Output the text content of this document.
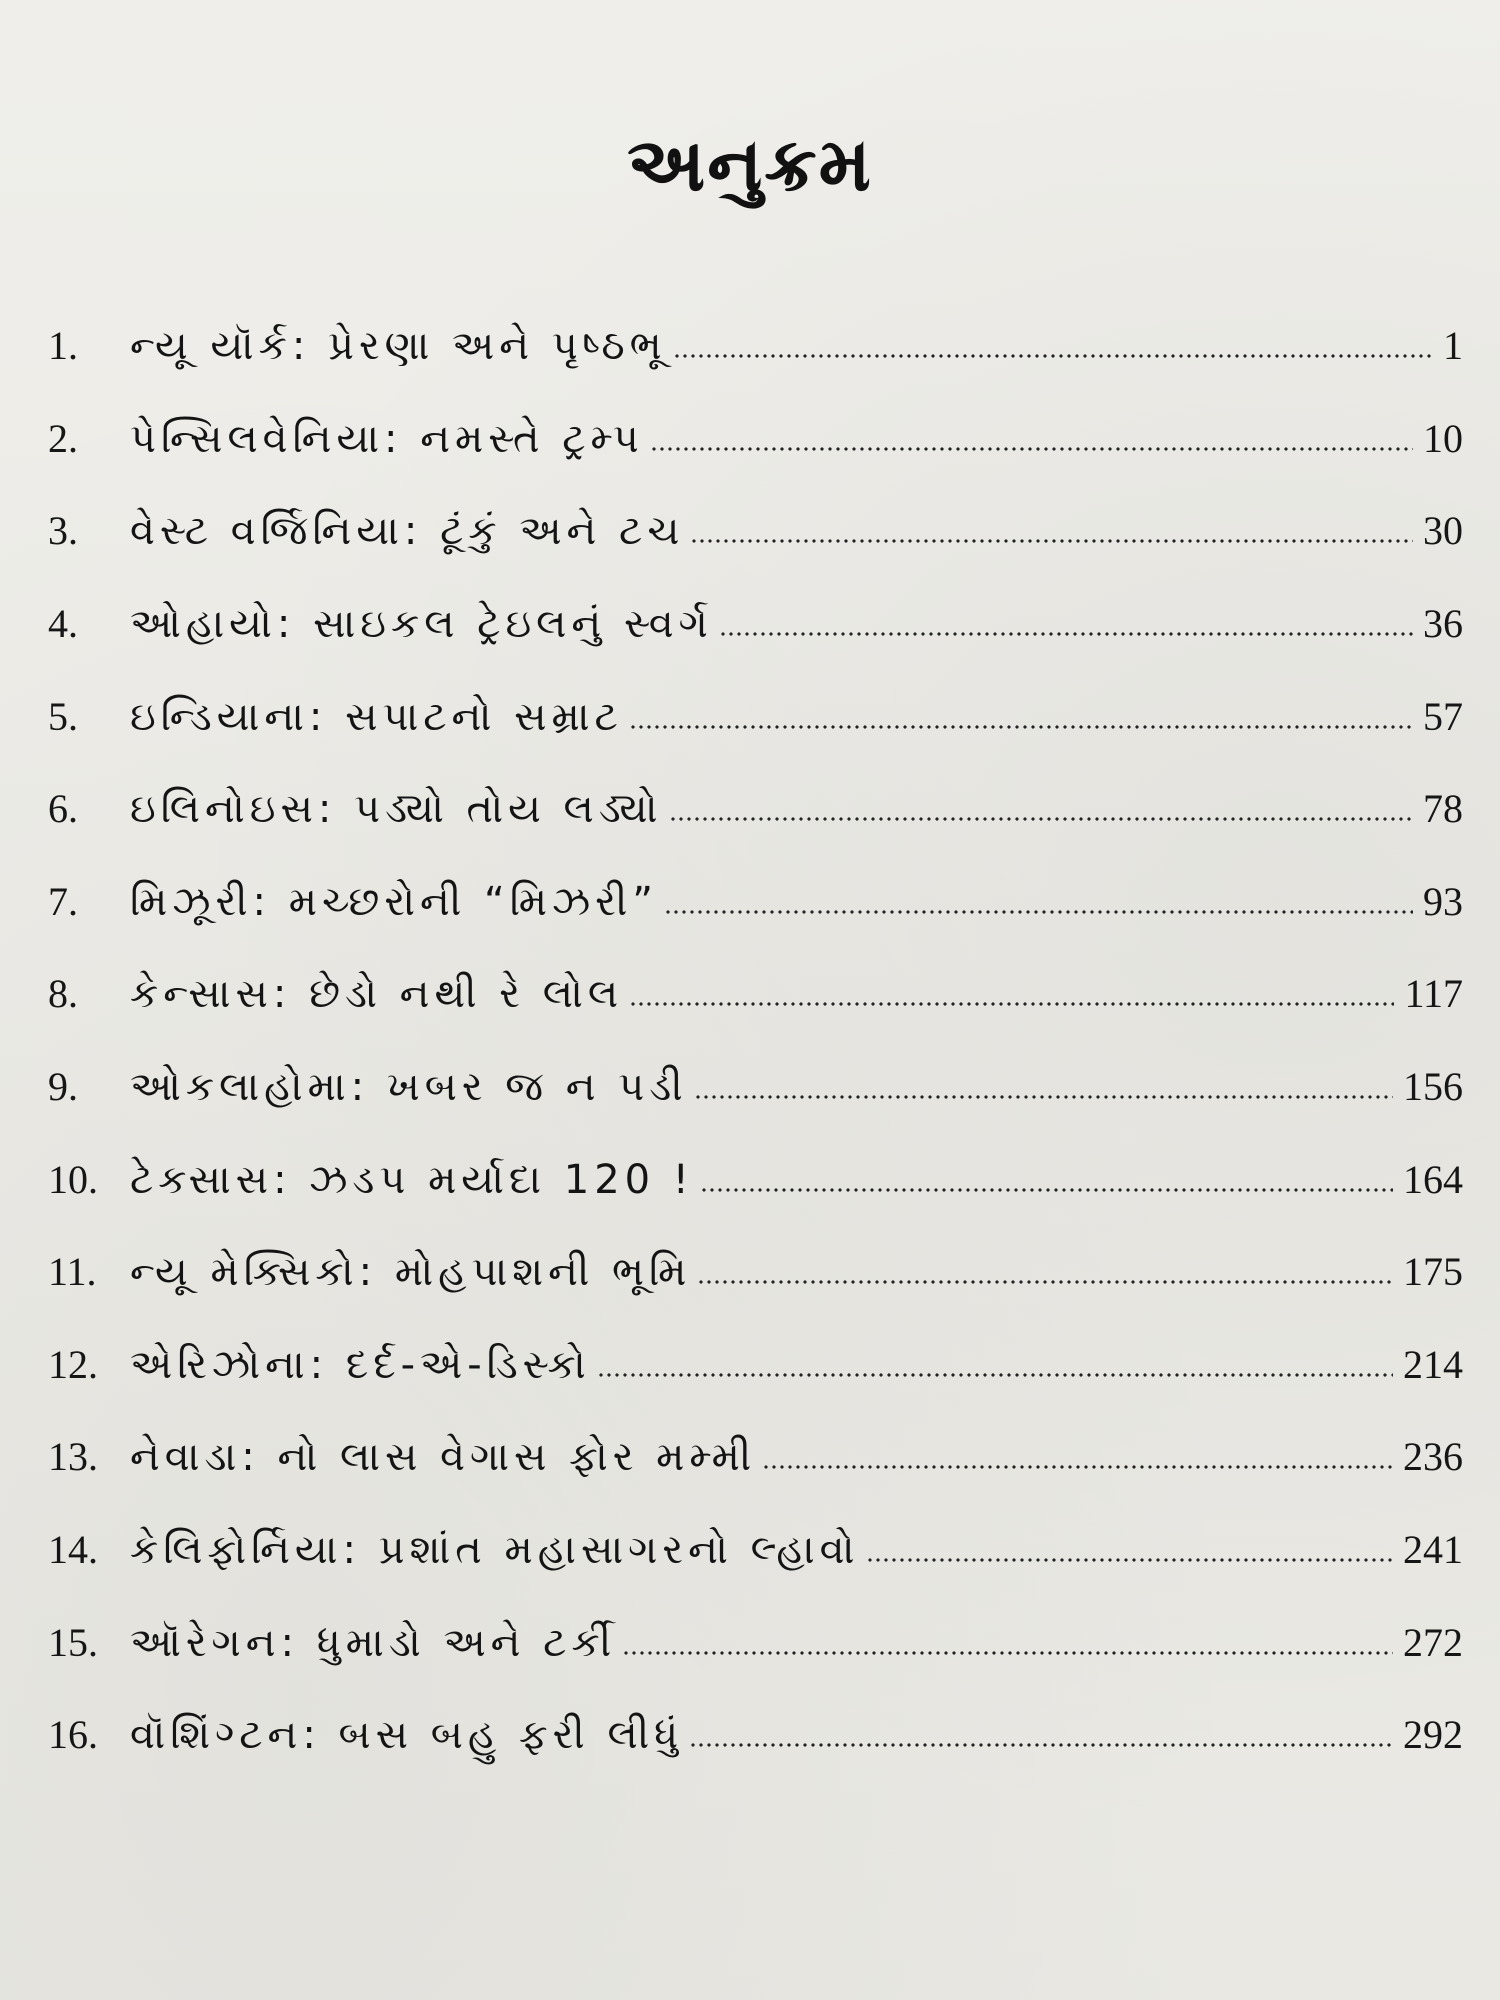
અનુક્રમ
1.	ન્યૂ યૉર્ક: પ્રેરણા અને પૃષ્ઠભૂ	1
2.	પેન્સિલવેનિયા: નમસ્તે ટ્રમ્પ	10
3.	વેસ્ટ વર્જિનિયા: ટૂંકું અને ટચ	30
4.	ઓહાયો: સાઇકલ ટ્રેઇલનું સ્વર્ગ	36
5.	ઇન્ડિયાના: સપાટનો સમ્રાટ	57
6.	ઇલિનોઇસ: પડ્યો તોય લડ્યો	78
7.	મિઝૂરી: મચ્છરોની “મિઝરી”	93
8.	કેન્સાસ: છેડો નથી રે લોલ	117
9.	ઓકલાહોમા: ખબર જ ન પડી	156
10. ટેક્સાસ: ઝડપ મર્યાદા 120 !	164
11. ન્યૂ મેક્સિકો: મોહપાશની ભૂમિ	175
12. એરિઝોના: દર્દ-એ-ડિસ્કો	214
13. નેવાડા: નો લાસ વેગાસ ફોર મમ્મી	236
14. કેલિફોર્નિયા: પ્રશાંત મહાસાગરનો લ્હાવો	241
15. ઑરેગન: ધુમાડો અને ટર્કી	272
16. વૉશિંગ્ટન: બસ બહુ ફરી લીધું	292
